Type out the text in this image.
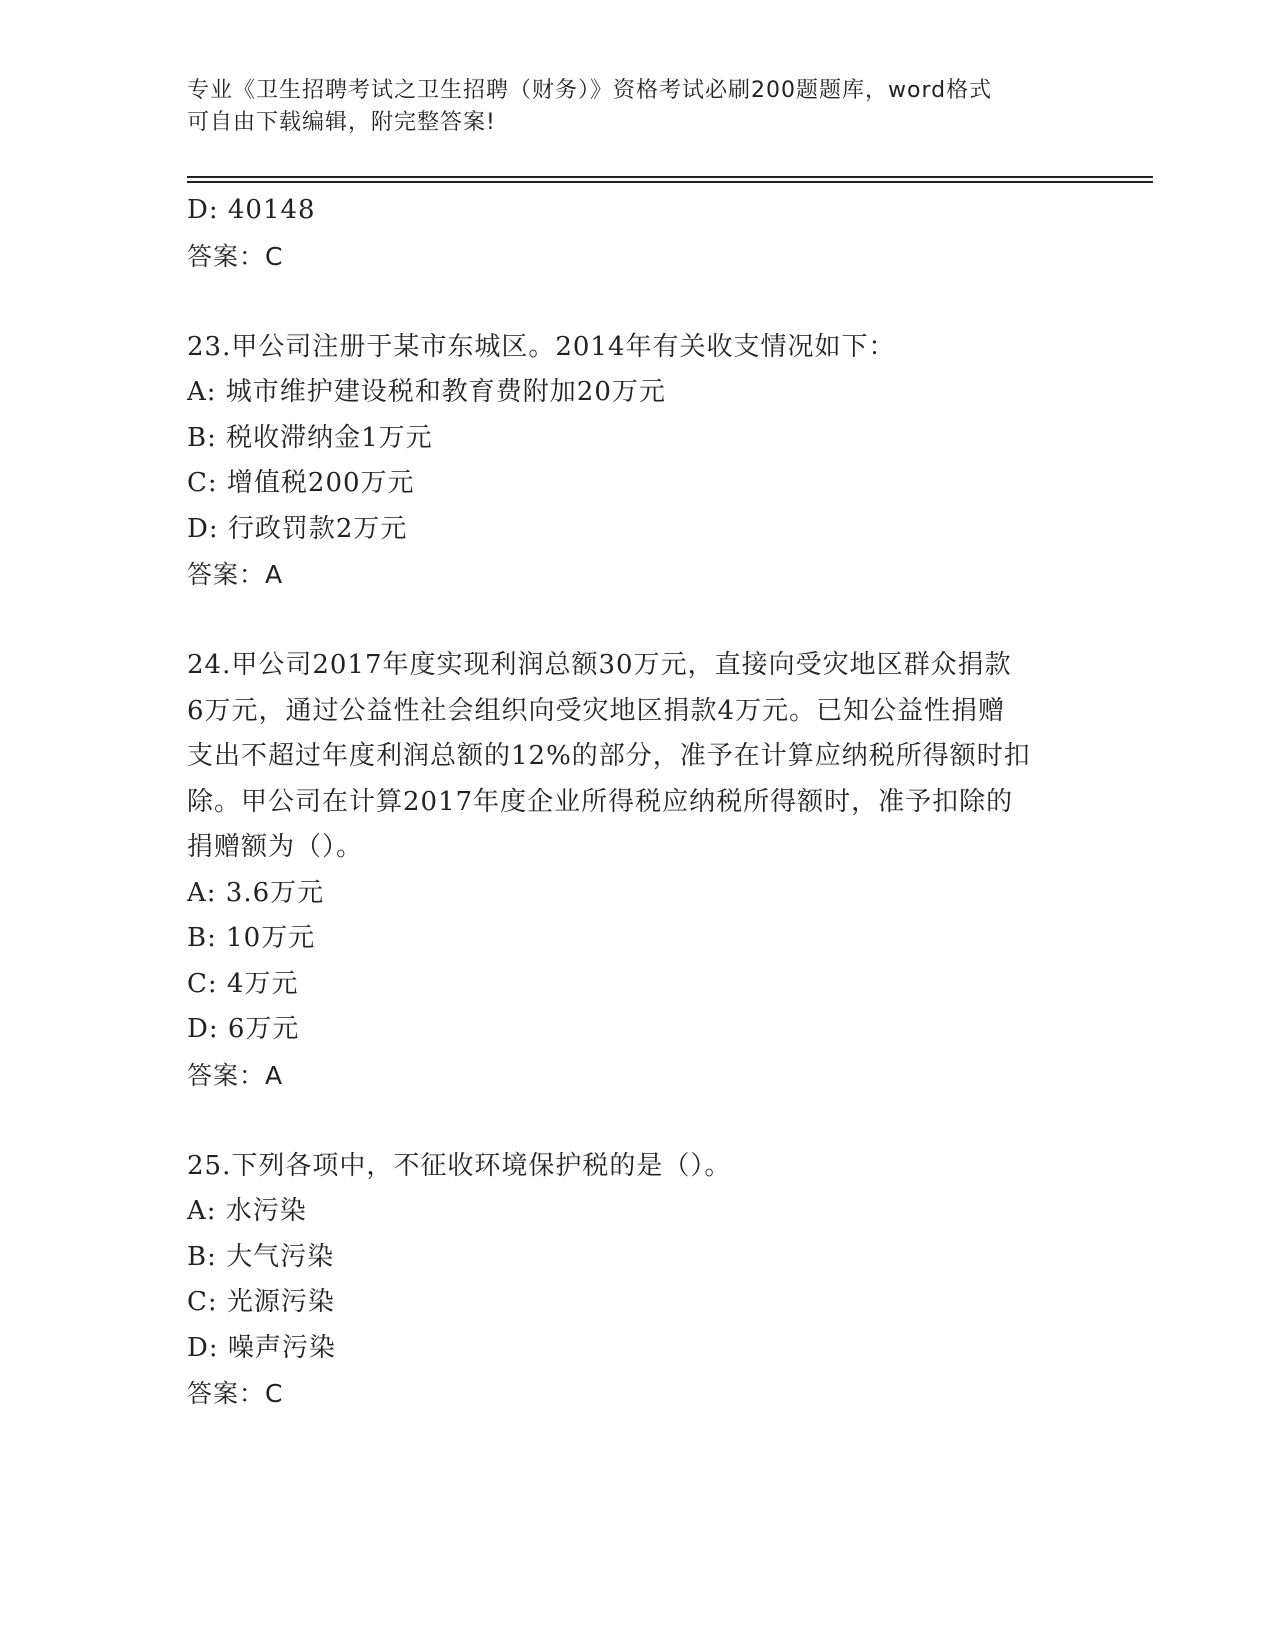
专业《卫生招聘考试之卫生招聘（财务）》资格考试必刷200题题库，word格式
可自由下载编辑，附完整答案!
D: 40148
答案：C
23.甲公司注册于某市东城区。2014年有关收支情况如下：
A: 城市维护建设税和教育费附加20万元
B: 税收滞纳金1万元
C: 增值税200万元
D: 行政罚款2万元
答案：A
24.甲公司2017年度实现利润总额30万元，直接向受灾地区群众捐款
6万元，通过公益性社会组织向受灾地区捐款4万元。已知公益性捐赠
支出不超过年度利润总额的12%的部分，准予在计算应纳税所得额时扣
除。甲公司在计算2017年度企业所得税应纳税所得额时，准予扣除的
捐赠额为（）。
A: 3.6万元
B: 10万元
C: 4万元
D: 6万元
答案：A
25.下列各项中，不征收环境保护税的是（）。
A: 水污染
B: 大气污染
C: 光源污染
D: 噪声污染
答案：C
